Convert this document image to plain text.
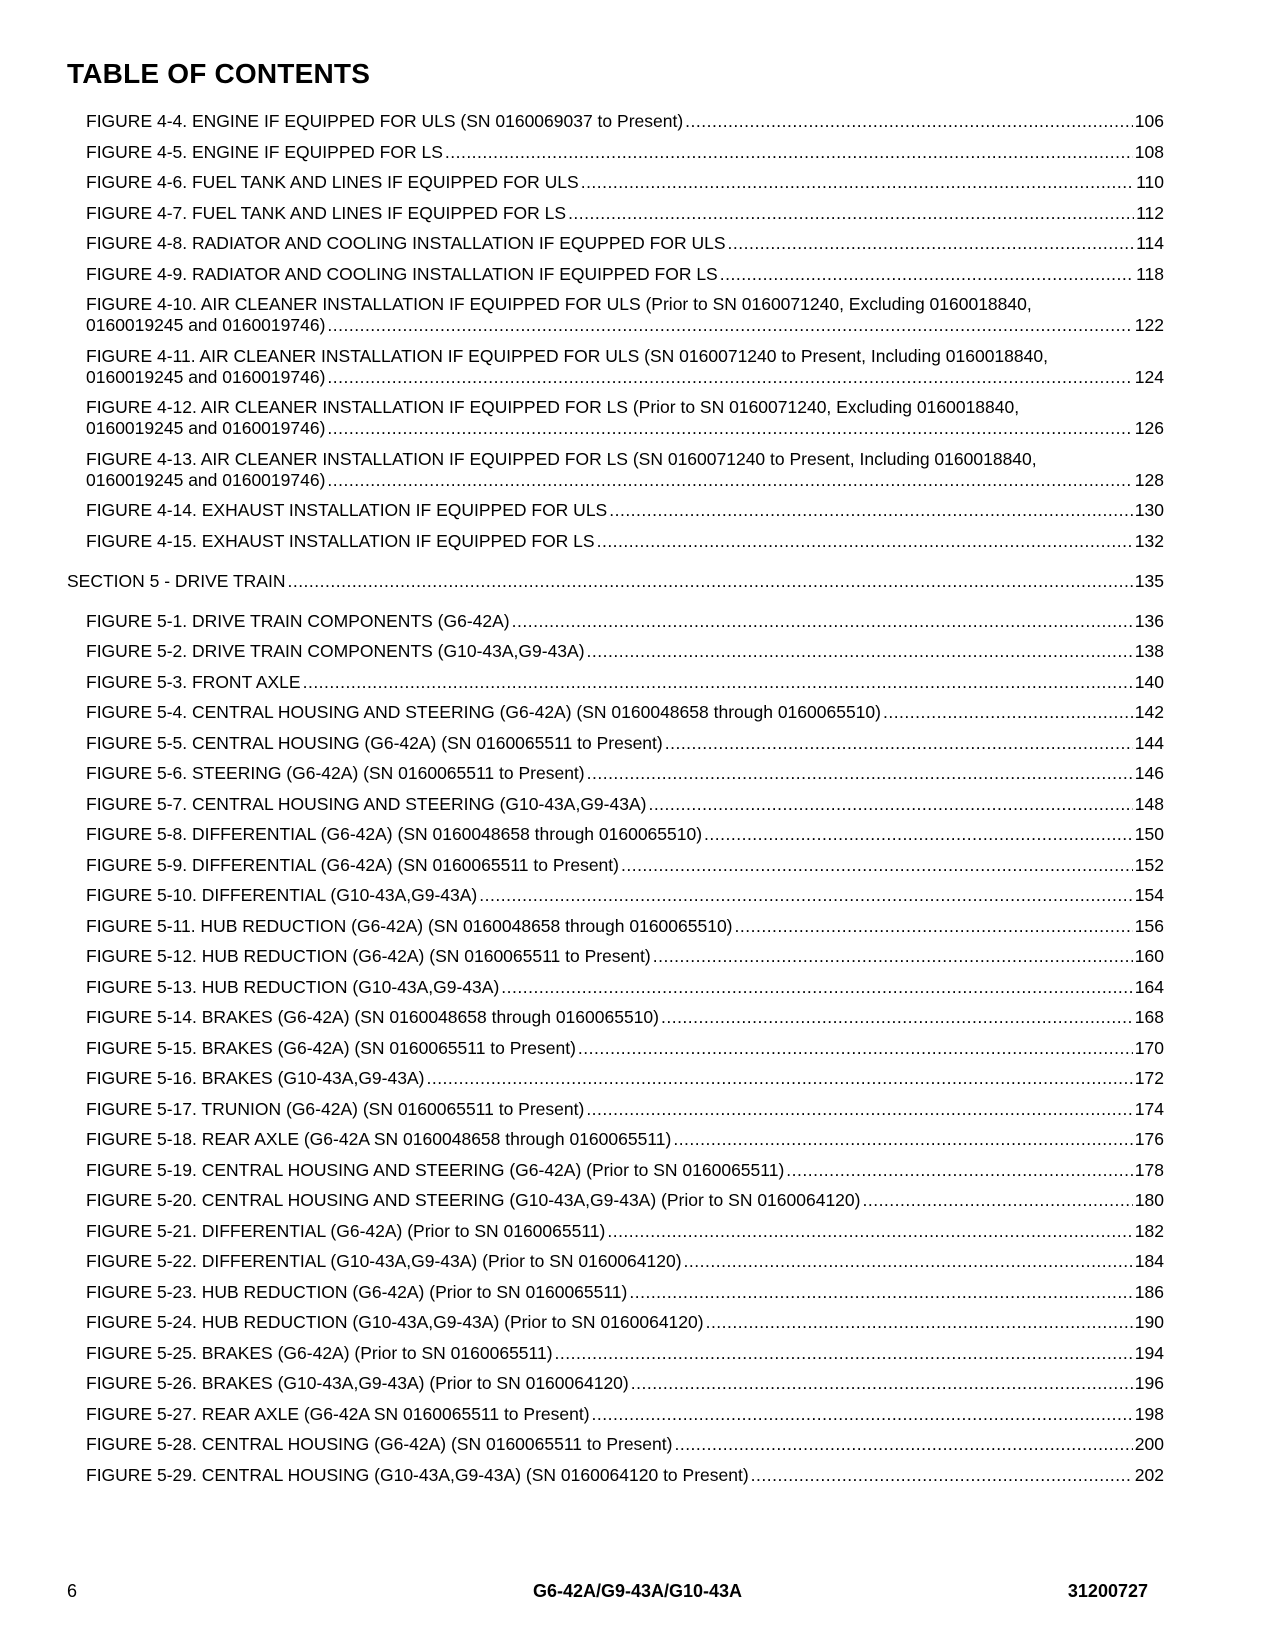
TABLE OF CONTENTS
FIGURE 4-4. ENGINE IF EQUIPPED FOR ULS (SN 0160069037 to Present) .....	106
FIGURE 4-5. ENGINE IF EQUIPPED FOR LS .....	108
FIGURE 4-6. FUEL TANK AND LINES IF EQUIPPED FOR ULS .....	110
FIGURE 4-7. FUEL TANK AND LINES IF EQUIPPED FOR LS .....	112
FIGURE 4-8. RADIATOR AND COOLING INSTALLATION IF EQUPPED FOR ULS .....	114
FIGURE 4-9. RADIATOR AND COOLING INSTALLATION IF EQUIPPED FOR LS .....	118
FIGURE 4-10. AIR CLEANER INSTALLATION IF EQUIPPED FOR ULS (Prior to SN 0160071240, Excluding 0160018840,
0160019245 and 0160019746) .....	122
FIGURE 4-11. AIR CLEANER INSTALLATION IF EQUIPPED FOR ULS (SN 0160071240 to Present, Including 0160018840,
0160019245 and 0160019746) .....	124
FIGURE 4-12. AIR CLEANER INSTALLATION IF EQUIPPED FOR LS (Prior to SN 0160071240, Excluding 0160018840,
0160019245 and 0160019746) .....	126
FIGURE 4-13. AIR CLEANER INSTALLATION IF EQUIPPED FOR LS (SN 0160071240 to Present, Including 0160018840,
0160019245 and 0160019746) .....	128
FIGURE 4-14. EXHAUST INSTALLATION IF EQUIPPED FOR ULS .....	130
FIGURE 4-15. EXHAUST INSTALLATION IF EQUIPPED FOR LS .....	132
SECTION 5 - DRIVE TRAIN .....	135
FIGURE 5-1. DRIVE TRAIN COMPONENTS (G6-42A) .....	136
FIGURE 5-2. DRIVE TRAIN COMPONENTS (G10-43A,G9-43A) .....	138
FIGURE 5-3. FRONT AXLE .....	140
FIGURE 5-4. CENTRAL HOUSING AND STEERING (G6-42A) (SN 0160048658 through 0160065510) .....	142
FIGURE 5-5. CENTRAL HOUSING (G6-42A) (SN 0160065511 to Present) .....	144
FIGURE 5-6. STEERING (G6-42A) (SN 0160065511 to Present) .....	146
FIGURE 5-7. CENTRAL HOUSING AND STEERING (G10-43A,G9-43A) .....	148
FIGURE 5-8. DIFFERENTIAL (G6-42A) (SN 0160048658 through 0160065510) .....	150
FIGURE 5-9. DIFFERENTIAL (G6-42A) (SN 0160065511 to Present) .....	152
FIGURE 5-10. DIFFERENTIAL (G10-43A,G9-43A) .....	154
FIGURE 5-11. HUB REDUCTION (G6-42A) (SN 0160048658 through 0160065510) .....	156
FIGURE 5-12. HUB REDUCTION (G6-42A) (SN 0160065511 to Present) .....	160
FIGURE 5-13. HUB REDUCTION (G10-43A,G9-43A) .....	164
FIGURE 5-14. BRAKES (G6-42A) (SN 0160048658 through 0160065510) .....	168
FIGURE 5-15. BRAKES (G6-42A) (SN 0160065511 to Present) .....	170
FIGURE 5-16. BRAKES (G10-43A,G9-43A) .....	172
FIGURE 5-17. TRUNION (G6-42A) (SN 0160065511 to Present) .....	174
FIGURE 5-18. REAR AXLE (G6-42A SN 0160048658 through 0160065511) .....	176
FIGURE 5-19. CENTRAL HOUSING AND STEERING (G6-42A) (Prior to SN 0160065511) .....	178
FIGURE 5-20. CENTRAL HOUSING AND STEERING (G10-43A,G9-43A) (Prior to SN 0160064120) .....	180
FIGURE 5-21. DIFFERENTIAL (G6-42A) (Prior to SN 0160065511) .....	182
FIGURE 5-22. DIFFERENTIAL (G10-43A,G9-43A) (Prior to SN 0160064120) .....	184
FIGURE 5-23. HUB REDUCTION (G6-42A) (Prior to SN 0160065511) .....	186
FIGURE 5-24. HUB REDUCTION (G10-43A,G9-43A) (Prior to SN 0160064120) .....	190
FIGURE 5-25. BRAKES (G6-42A) (Prior to SN 0160065511) .....	194
FIGURE 5-26. BRAKES (G10-43A,G9-43A) (Prior to SN 0160064120) .....	196
FIGURE 5-27. REAR AXLE (G6-42A SN 0160065511 to Present) .....	198
FIGURE 5-28. CENTRAL HOUSING (G6-42A) (SN 0160065511 to Present) .....	200
FIGURE 5-29. CENTRAL HOUSING (G10-43A,G9-43A) (SN 0160064120 to Present) .....	202
6	G6-42A/G9-43A/G10-43A	31200727
